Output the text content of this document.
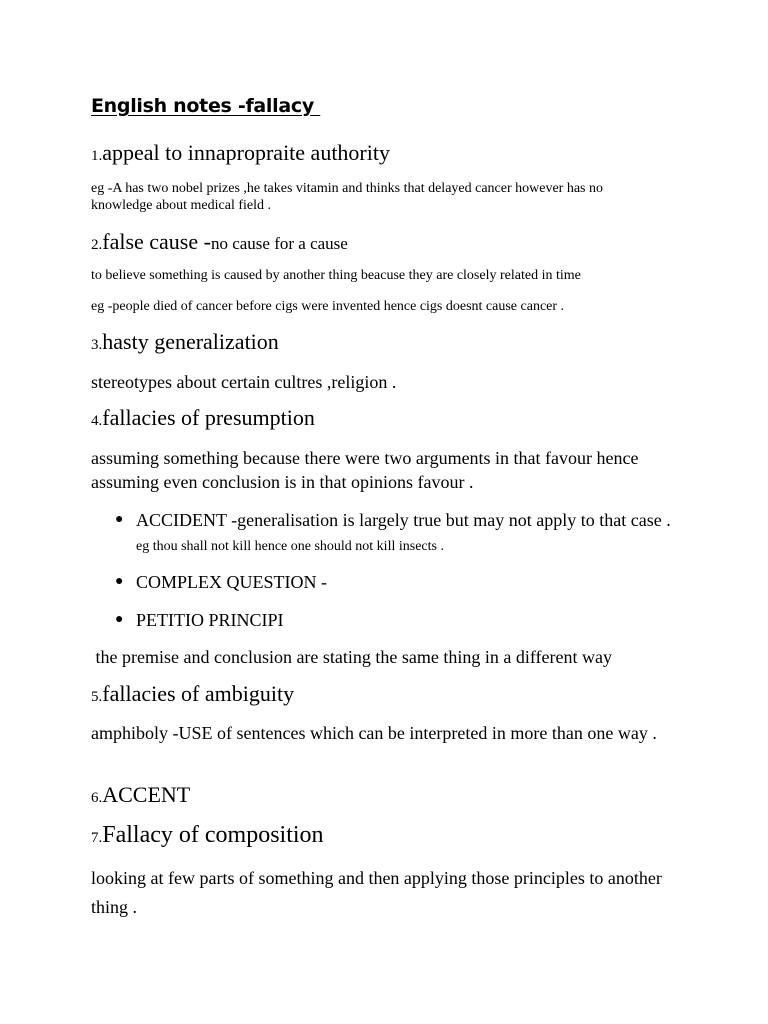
English notes -fallacy
1.appeal to innapropraite authority
eg -A has two nobel prizes ,he takes vitamin and thinks that delayed cancer however has no knowledge about medical field .
2.false cause -no cause for a cause
to believe something is caused by another thing beacuse they are closely related in time
eg -people died of cancer before cigs were invented hence cigs doesnt cause cancer .
3.hasty generalization
stereotypes about certain cultres ,religion .
4.fallacies of presumption
assuming something because there were two arguments in that favour hence assuming even conclusion is in that opinions favour .
● ACCIDENT -generalisation is largely true but may not apply to that case . eg thou shall not kill hence one should not kill insects .
● COMPLEX QUESTION -
● PETITIO PRINCIPI
the premise and conclusion are stating the same thing in a different way
5.fallacies of ambiguity
amphiboly -USE of sentences which can be interpreted in more than one way .
6.ACCENT
7.Fallacy of composition
looking at few parts of something and then applying those principles to another thing .
